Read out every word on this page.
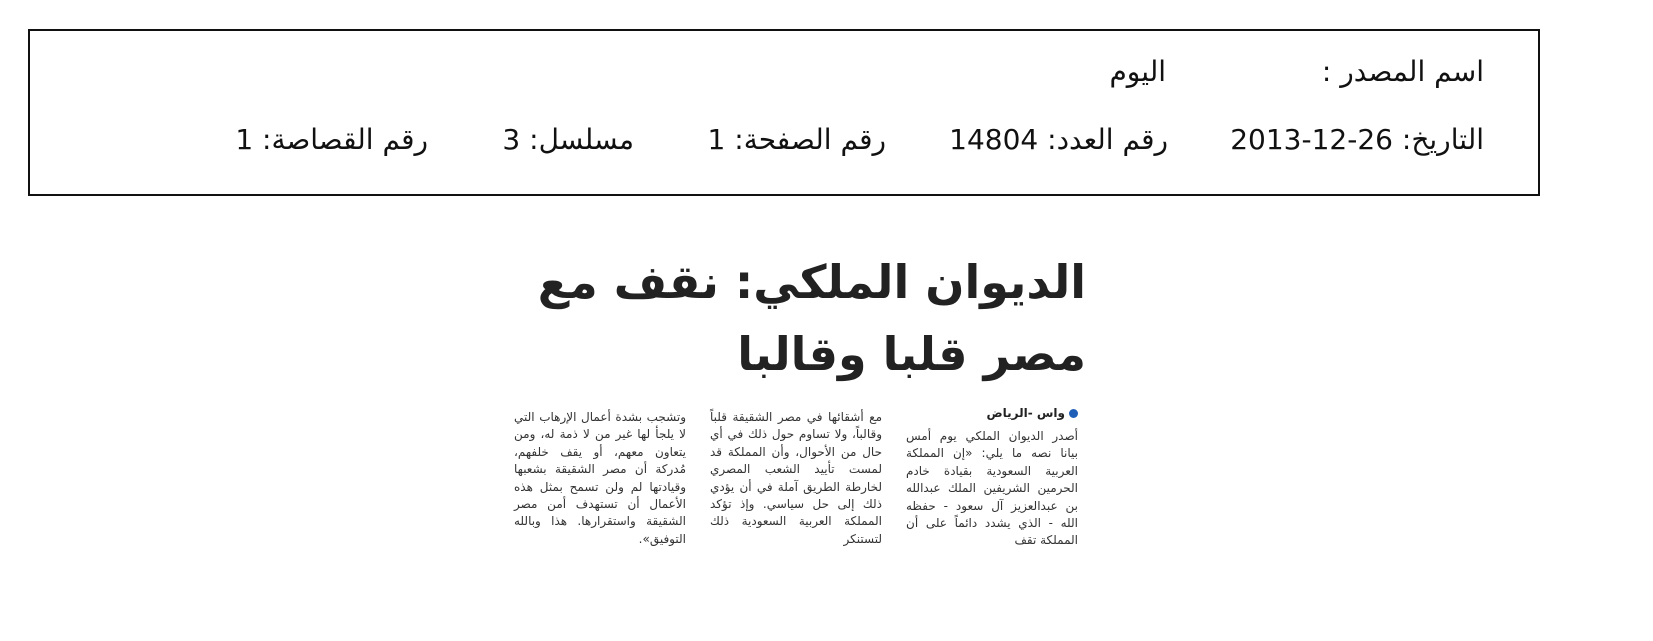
اسم المصدر :
اليوم
التاريخ: 26-12-2013
رقم العدد: 14804
رقم الصفحة: 1
مسلسل: 3
رقم القصاصة: 1
الديوان الملكي: نقف مع مصر قلبا وقالبا
واس -الرياض
أصدر الديوان الملكي يوم أمس بيانا نصه ما يلي: «إن المملكة العربية السعودية بقيادة خادم الحرمين الشريفين الملك عبدالله بن عبدالعزيز آل سعود - حفظه الله - الذي يشدد دائماً على أن المملكة تقف
مع أشقائها في مصر الشقيقة قلباً وقالباً، ولا تساوم حول ذلك في أي حال من الأحوال، وأن المملكة قد لمست تأييد الشعب المصري لخارطة الطريق آملة في أن يؤدي ذلك إلى حل سياسي. وإذ تؤكد المملكة العربية السعودية ذلك لتستنكر
وتشجب بشدة أعمال الإرهاب التي لا يلجأ لها غير من لا ذمة له، ومن يتعاون معهم، أو يقف خلفهم، مُدركة أن مصر الشقيقة بشعبها وقيادتها لم ولن تسمح بمثل هذه الأعمال أن تستهدف أمن مصر الشقيقة واستقرارها. هذا وبالله التوفيق».
